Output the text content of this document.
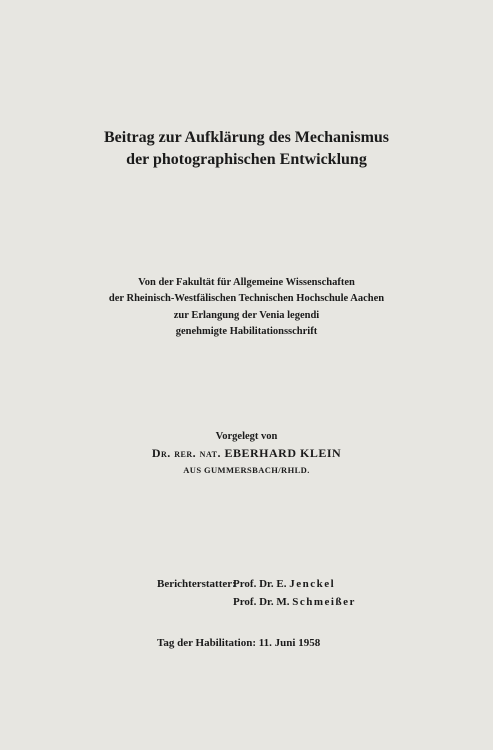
Beitrag zur Aufklärung des Mechanismus
der photographischen Entwicklung
Von der Fakultät für Allgemeine Wissenschaften
der Rheinisch-Westfälischen Technischen Hochschule Aachen
zur Erlangung der Venia legendi
genehmigte Habilitationsschrift
Vorgelegt von
Dr. rer. nat. EBERHARD KLEIN
AUS GUMMERSBACH/RHLD.
Berichterstatter:
Prof. Dr. E. Jenckel
Prof. Dr. M. Schmeißer
Tag der Habilitation: 11. Juni 1958
